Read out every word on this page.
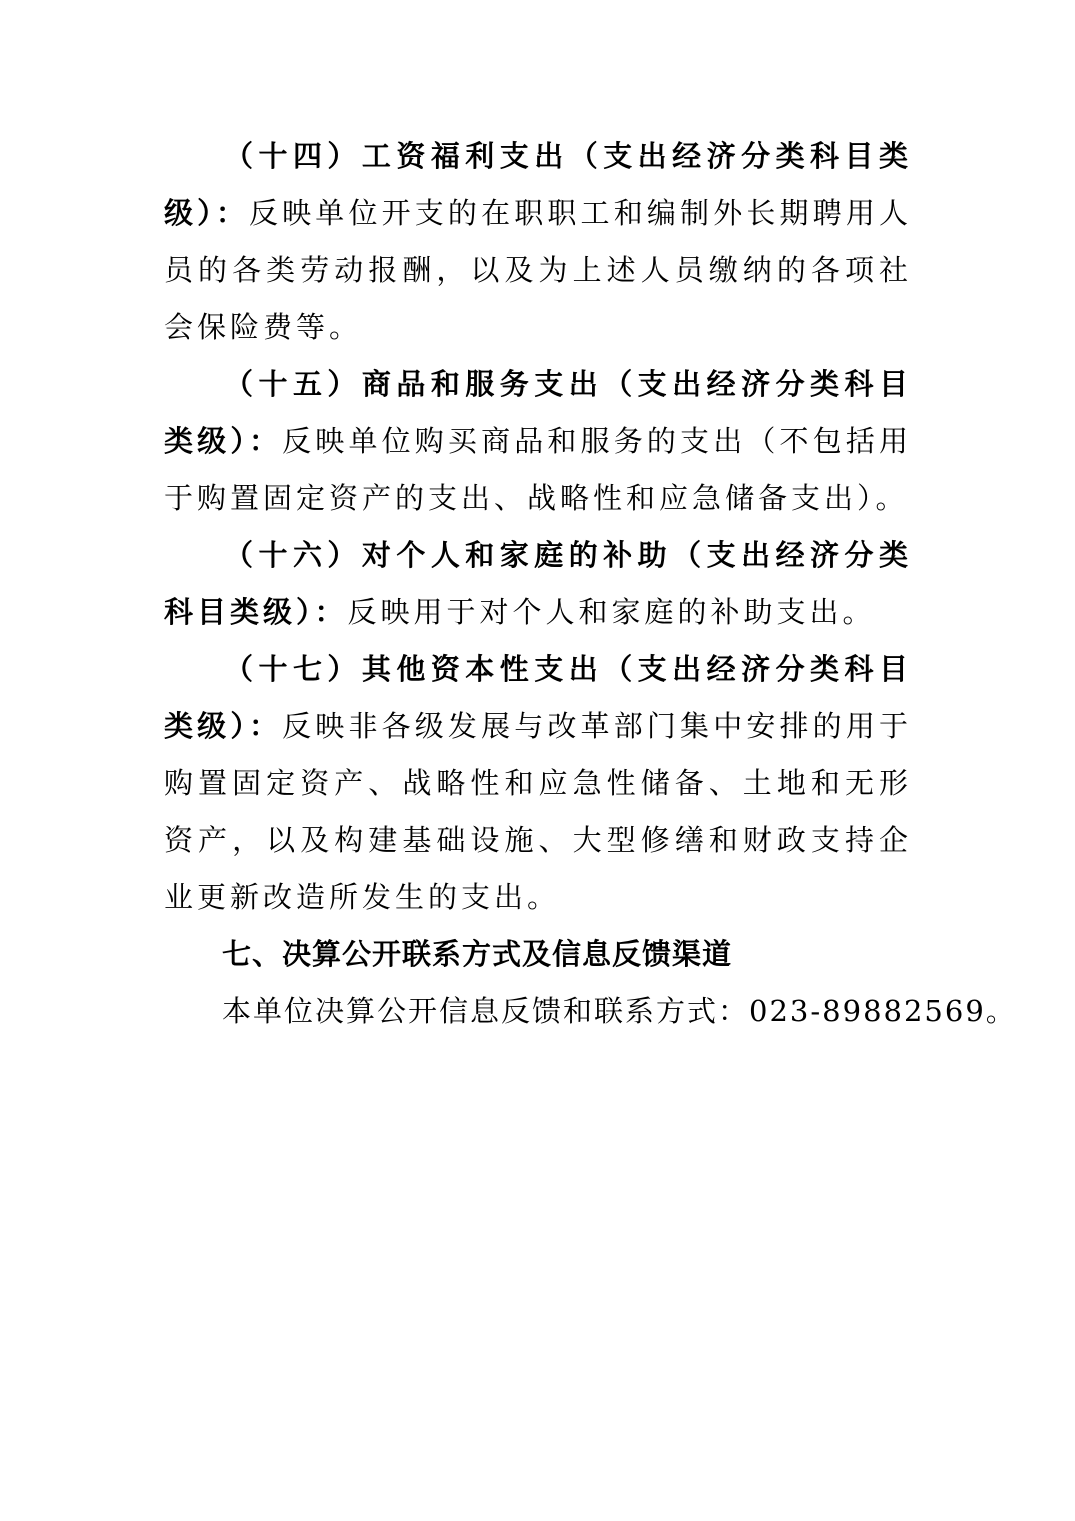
（十四）工资福利支出（支出经济分类科目类级）：反映单位开支的在职职工和编制外长期聘用人员的各类劳动报酬，以及为上述人员缴纳的各项社会保险费等。

（十五）商品和服务支出（支出经济分类科目类级）：反映单位购买商品和服务的支出（不包括用于购置固定资产的支出、战略性和应急储备支出）。

（十六）对个人和家庭的补助（支出经济分类科目类级）：反映用于对个人和家庭的补助支出。

（十七）其他资本性支出（支出经济分类科目类级）：反映非各级发展与改革部门集中安排的用于购置固定资产、战略性和应急性储备、土地和无形资产，以及构建基础设施、大型修缮和财政支持企业更新改造所发生的支出。

七、决算公开联系方式及信息反馈渠道

本单位决算公开信息反馈和联系方式：023-89882569。
